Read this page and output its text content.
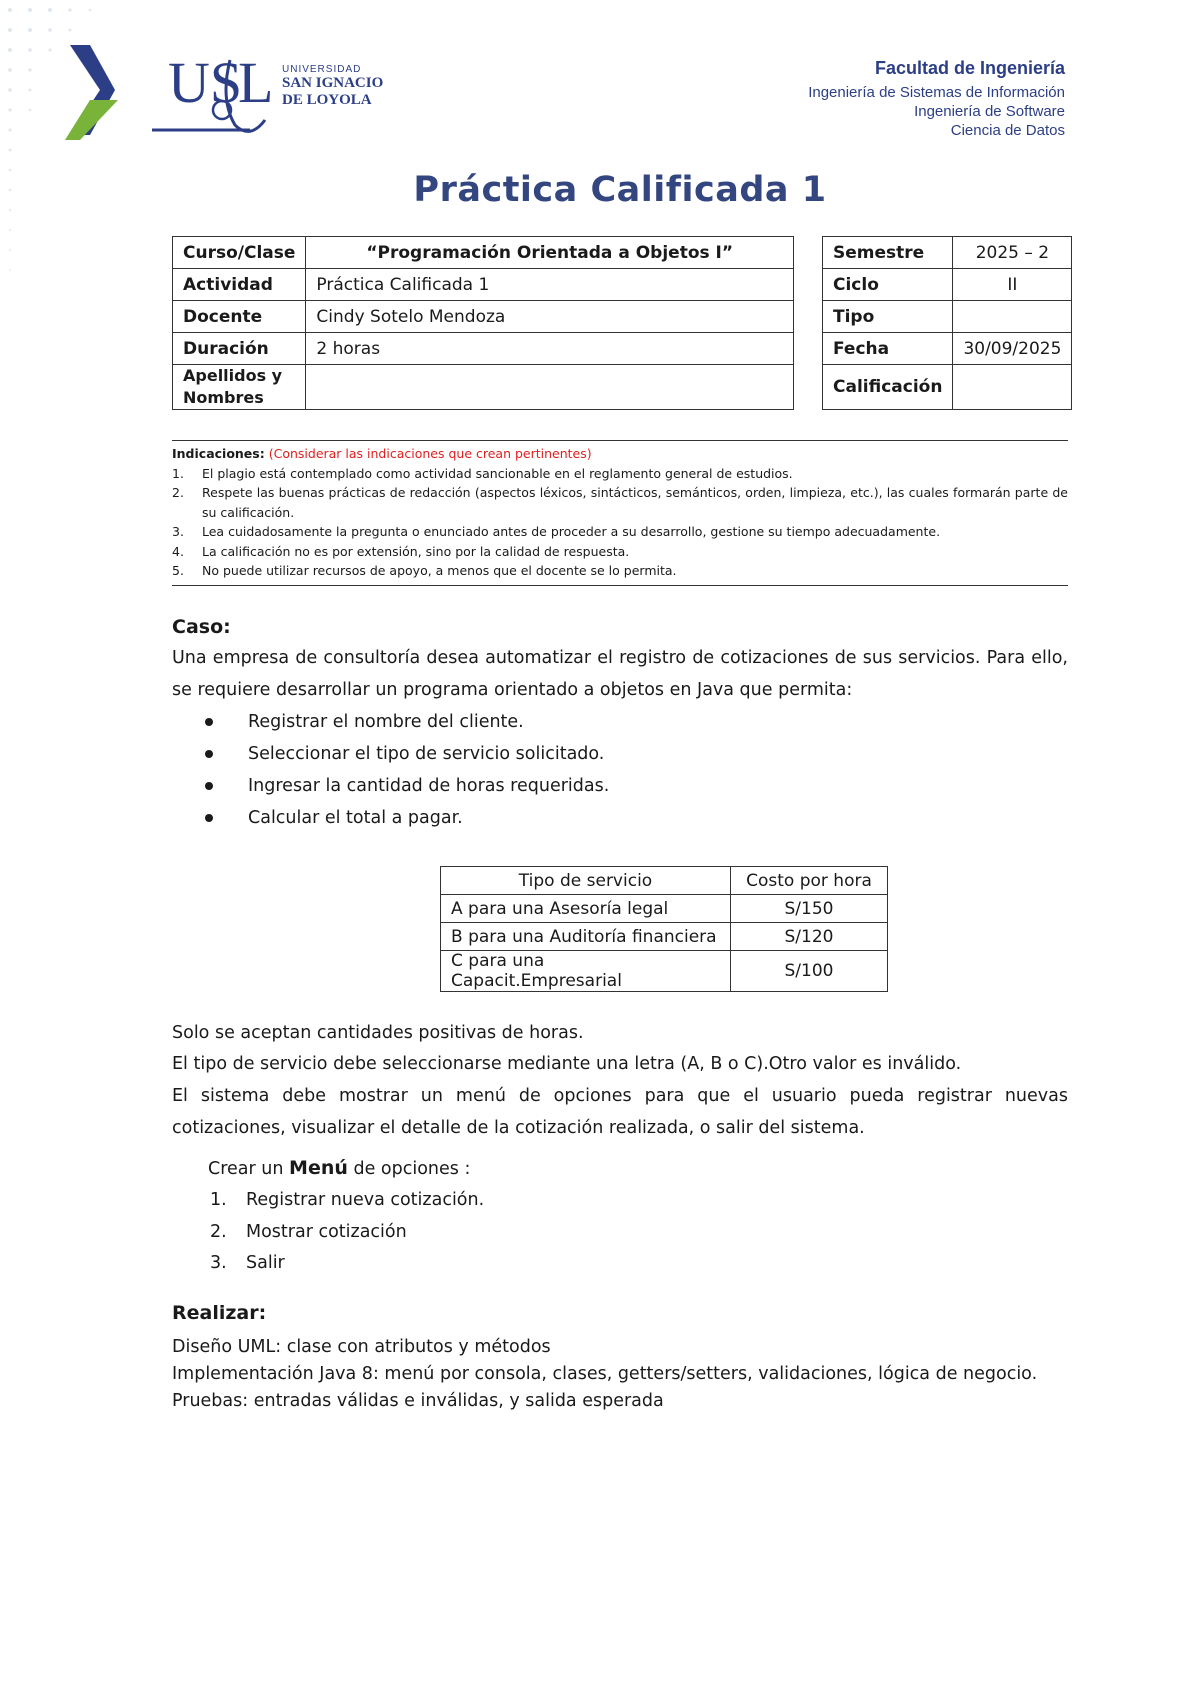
US
L UNIVERSIDAD
SAN IGNACIO
DE LOYOLA
Facultad de Ingeniería
Ingeniería de Sistemas de Información
Ingeniería de Software
Ciencia de Datos
Práctica Calificada 1
Curso/Clase	“Programación Orientada a Objetos I”
Actividad	Práctica Calificada 1
Docente	Cindy Sotelo Mendoza
Duración	2 horas
Apellidos y Nombres	
Semestre	2025 – 2
Ciclo	II
Tipo	
Fecha	30/09/2025
Calificación	
Indicaciones: (Considerar las indicaciones que crean pertinentes)
1.	El plagio está contemplado como actividad sancionable en el reglamento general de estudios.
2.	Respete las buenas prácticas de redacción (aspectos léxicos, sintácticos, semánticos, orden, limpieza, etc.), las cuales formarán parte de su calificación.
3.	Lea cuidadosamente la pregunta o enunciado antes de proceder a su desarrollo, gestione su tiempo adecuadamente.
4.	La calificación no es por extensión, sino por la calidad de respuesta.
5.	No puede utilizar recursos de apoyo, a menos que el docente se lo permita.
Caso:
Una empresa de consultoría desea automatizar el registro de cotizaciones de sus servicios. Para ello, se requiere desarrollar un programa orientado a objetos en Java que permita:
Registrar el nombre del cliente.
Seleccionar el tipo de servicio solicitado.
Ingresar la cantidad de horas requeridas.
Calcular el total a pagar.
Tipo de servicio	Costo por hora
A para una Asesoría legal	S/150
B para una Auditoría financiera	S/120
C para una Capacit.Empresarial	S/100
Solo se aceptan cantidades positivas de horas.
El tipo de servicio debe seleccionarse mediante una letra (A, B o C).Otro valor es inválido.
El sistema debe mostrar un menú de opciones para que el usuario pueda registrar nuevas cotizaciones, visualizar el detalle de la cotización realizada, o salir del sistema.
Crear un Menú de opciones :
1.	Registrar nueva cotización.
2.	Mostrar cotización
3.	Salir
Realizar:
Diseño UML: clase con atributos y métodos
Implementación Java 8: menú por consola, clases, getters/setters, validaciones, lógica de negocio.
Pruebas: entradas válidas e inválidas, y salida esperada
